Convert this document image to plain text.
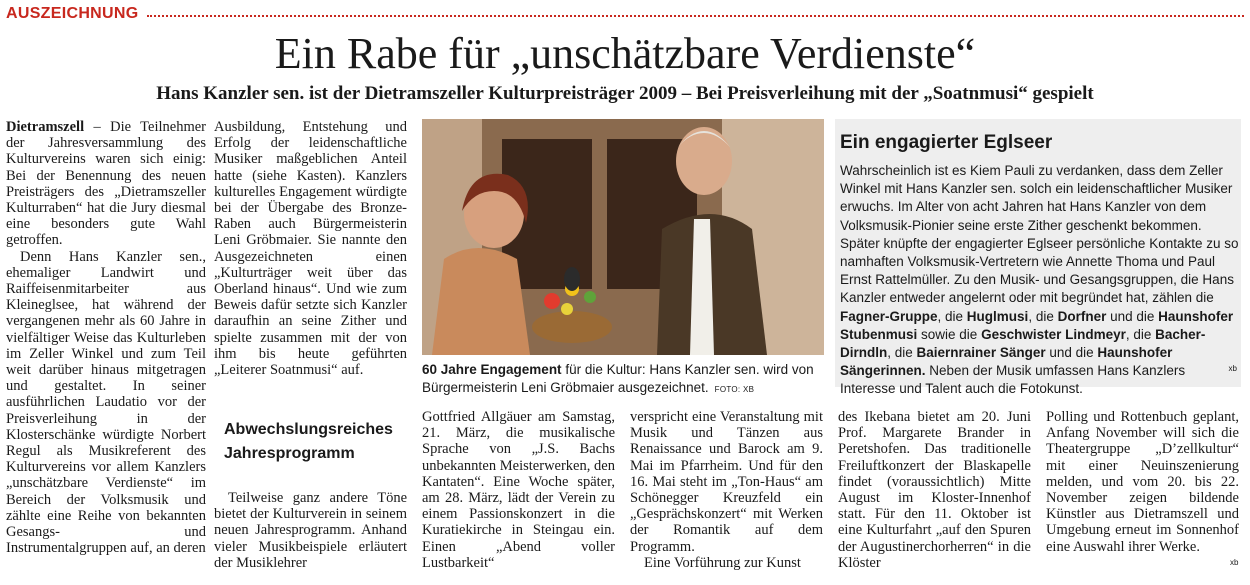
AUSZEICHNUNG
Ein Rabe für „unschätzbare Verdienste“
Hans Kanzler sen. ist der Dietramszeller Kulturpreisträger 2009 – Bei Preisverleihung mit der „Soatnmusi“ gespielt

Dietramszell – Die Teilnehmer der Jahresversammlung des Kulturvereins waren sich einig: Bei der Benennung des neuen Preisträgers des „Dietramszeller Kulturraben“ hat die Jury diesmal eine besonders gute Wahl getroffen.

Denn Hans Kanzler sen., ehemaliger Landwirt und Raiffeisenmitarbeiter aus Kleineglsee, hat während der vergangenen mehr als 60 Jahre in vielfältiger Weise das Kulturleben im Zeller Winkel und zum Teil weit darüber hinaus mitgetragen und gestaltet. In seiner ausführlichen Laudatio vor der Preisverleihung in der Klosterschänke würdigte Norbert Regul als Musikreferent des Kulturvereins vor allem Kanzlers „unschätzbare Verdienste“ im Bereich der Volksmusik und zählte eine Reihe von bekannten Gesangs- und Instrumentalgruppen auf, an deren

Ausbildung, Entstehung und Erfolg der leidenschaftliche Musiker maßgeblichen Anteil hatte (siehe Kasten). Kanzlers kulturelles Engagement würdigte bei der Übergabe des Bronze-Raben auch Bürgermeisterin Leni Gröbmaier. Sie nannte den Ausgezeichneten einen „Kulturträger weit über das Oberland hinaus“. Und wie zum Beweis dafür setzte sich Kanzler daraufhin an seine Zither und spielte zusammen mit der von ihm bis heute geführten „Leiterer Soatnmusi“ auf.

Abwechslungsreiches Jahresprogramm

Teilweise ganz andere Töne bietet der Kulturverein in seinem neuen Jahresprogramm. Anhand vieler Musikbeispiele erläutert der Musiklehrer

60 Jahre Engagement für die Kultur: Hans Kanzler sen. wird von Bürgermeisterin Leni Gröbmaier ausgezeichnet. FOTO: XB
Ein engagierter Eglseer
Wahrscheinlich ist es Kiem Pauli zu verdanken, dass dem Zeller Winkel mit Hans Kanzler sen. solch ein leidenschaftlicher Musiker erwuchs. Im Alter von acht Jahren hat Hans Kanzler von dem Volksmusik-Pionier seine erste Zither geschenkt bekommen. Später knüpfte der engagierter Eglseer persönliche Kontakte zu so namhaften Volksmusik-Vertretern wie Annette Thoma und Paul Ernst Rattelmüller. Zu den Musik- und Gesangsgruppen, die Hans Kanzler entweder angelernt oder mit begründet hat, zählen die Fagner-Gruppe, die Huglmusi, die Dorfner und die Haunshofer Stubenmusi sowie die Geschwister Lindmeyr, die Bacher-Dirndln, die Baiernrainer Sänger und die Haunshofer Sängerinnen. Neben der Musik umfassen Hans Kanzlers Interesse und Talent auch die Fotokunst.
xb

Gottfried Allgäuer am Samstag, 21. März, die musikalische Sprache von „J.S. Bachs unbekannten Meisterwerken, den Kantaten“. Eine Woche später, am 28. März, lädt der Verein zu einem Passionskonzert in die Kuratiekirche in Steingau ein. Einen „Abend voller Lustbarkeit“

verspricht eine Veranstaltung mit Musik und Tänzen aus Renaissance und Barock am 9. Mai im Pfarrheim. Und für den 16. Mai steht im „Ton-Haus“ am Schönegger Kreuzfeld ein „Gesprächskonzert“ mit Werken der Romantik auf dem Programm.

Eine Vorführung zur Kunst

des Ikebana bietet am 20. Juni Prof. Margarete Brander in Peretshofen. Das traditionelle Freiluftkonzert der Blaskapelle findet (voraussichtlich) Mitte August im Kloster-Innenhof statt. Für den 11. Oktober ist eine Kulturfahrt „auf den Spuren der Augustinerchorherren“ in die Klöster

Polling und Rottenbuch geplant, Anfang November will sich die Theatergruppe „D’zellkultur“ mit einer Neuinszenierung melden, und vom 20. bis 22. November zeigen bildende Künstler aus Dietramszell und Umgebung erneut im Sonnenhof eine Auswahl ihrer Werke.

xb
